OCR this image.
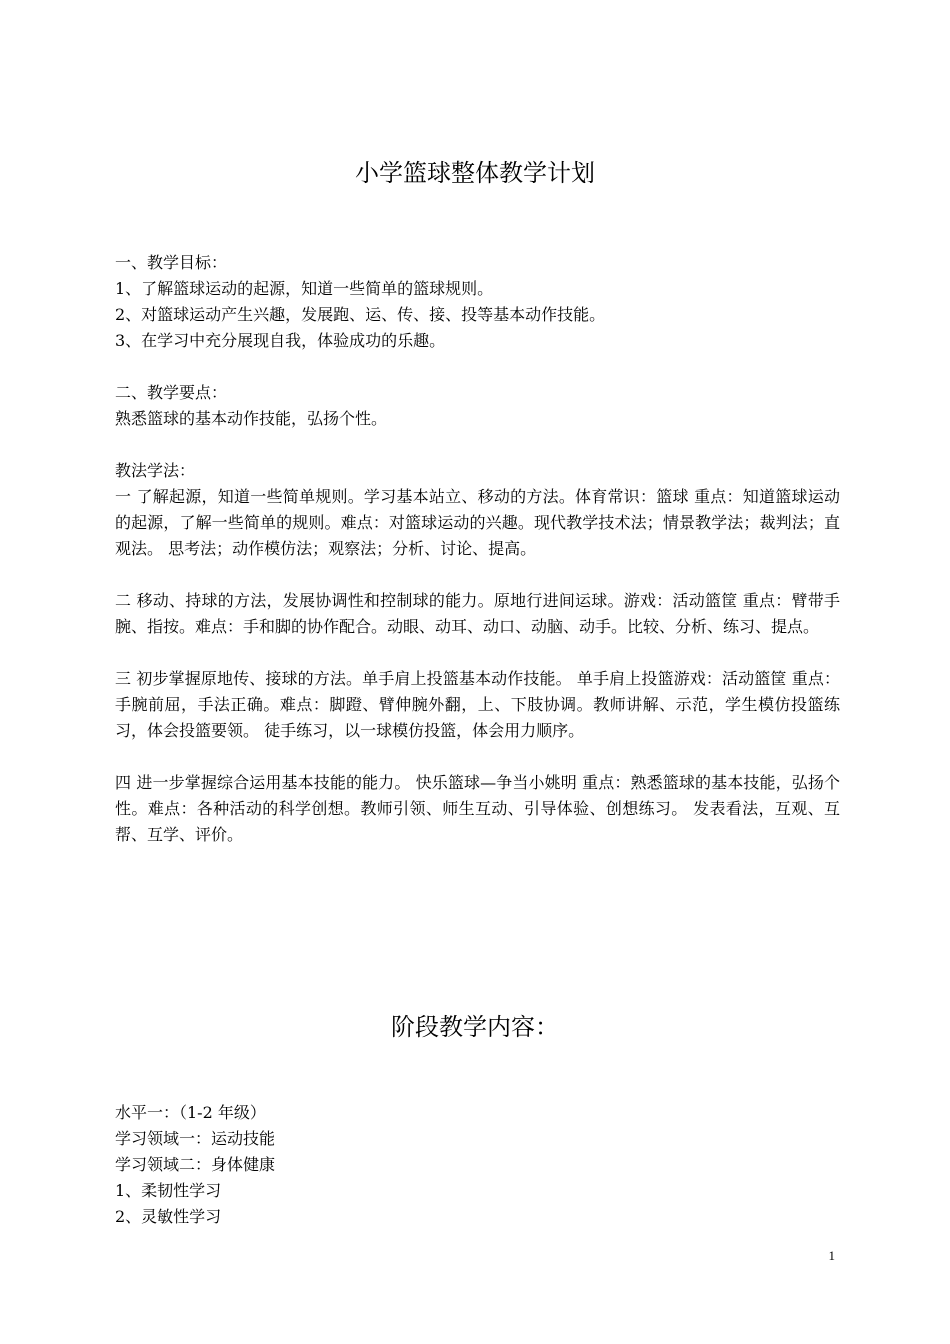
小学篮球整体教学计划

一、教学目标：

1、了解篮球运动的起源，知道一些简单的篮球规则。

2、对篮球运动产生兴趣，发展跑、运、传、接、投等基本动作技能。

3、在学习中充分展现自我，体验成功的乐趣。

二、教学要点：

熟悉篮球的基本动作技能，弘扬个性。

教法学法：

一 了解起源，知道一些简单规则。学习基本站立、移动的方法。体育常识：篮球 重点：知道篮球运动的起源，了解一些简单的规则。难点：对篮球运动的兴趣。现代教学技术法；情景教学法；裁判法；直观法。 思考法；动作模仿法；观察法；分析、讨论、提高。

二 移动、持球的方法，发展协调性和控制球的能力。原地行进间运球。游戏：活动篮筐 重点：臂带手腕、指按。难点：手和脚的协作配合。动眼、动耳、动口、动脑、动手。比较、分析、练习、提点。

三 初步掌握原地传、接球的方法。单手肩上投篮基本动作技能。 单手肩上投篮游戏：活动篮筐 重点：手腕前屈，手法正确。难点：脚蹬、臂伸腕外翻，上、下肢协调。教师讲解、示范，学生模仿投篮练习，体会投篮要领。 徒手练习，以一球模仿投篮，体会用力顺序。

四 进一步掌握综合运用基本技能的能力。 快乐篮球—争当小姚明 重点：熟悉篮球的基本技能，弘扬个性。难点：各种活动的科学创想。教师引领、师生互动、引导体验、创想练习。 发表看法，互观、互帮、互学、评价。

阶段教学内容：

水平一：（1-2 年级）

学习领域一：运动技能

学习领域二：身体健康

1、柔韧性学习

2、灵敏性学习

1
